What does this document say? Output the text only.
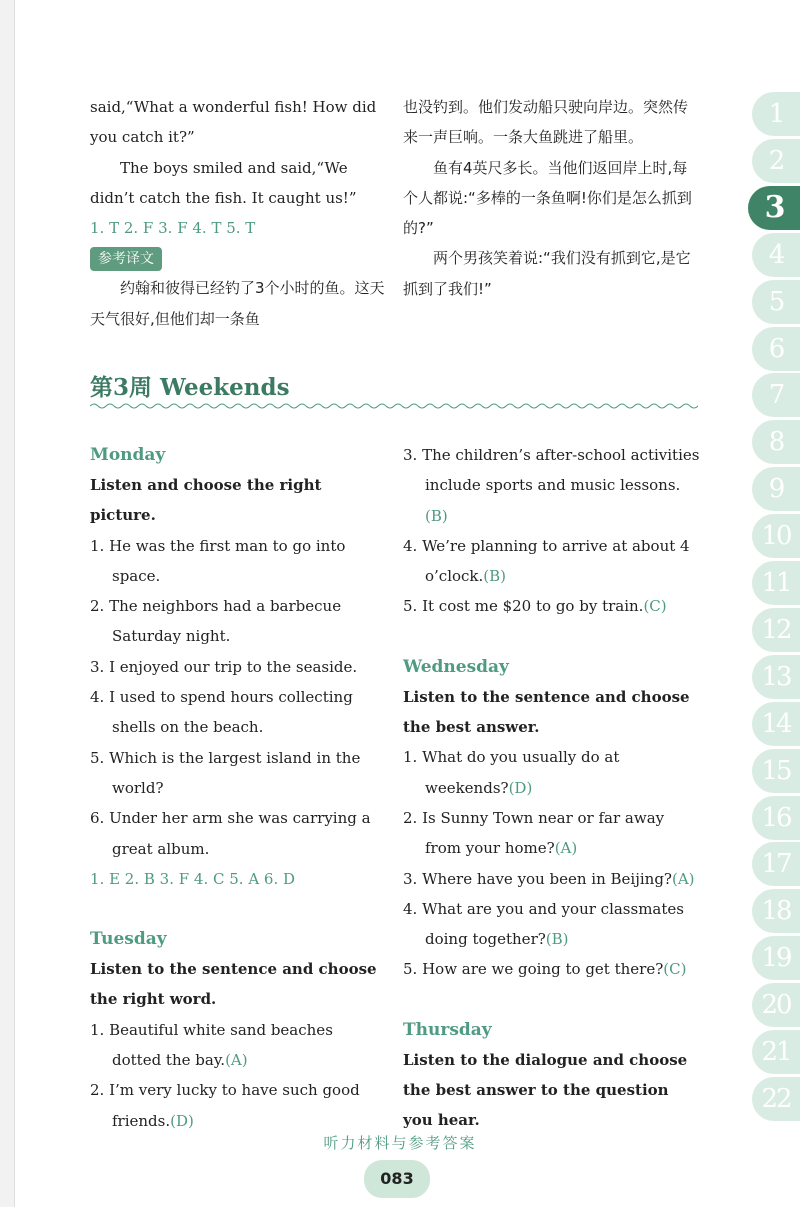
said,“What a wonderful fish! How did you catch it?”

The boys smiled and said,“We didn’t catch the fish. It caught us!”

1. T 2. F 3. F 4. T 5. T

参考译文

约翰和彼得已经钓了3个小时的鱼。这天天气很好,但他们却一条鱼

也没钓到。他们发动船只驶向岸边。突然传来一声巨响。一条大鱼跳进了船里。

鱼有4英尺多长。当他们返回岸上时,每个人都说:“多棒的一条鱼啊!你们是怎么抓到的?”

两个男孩笑着说:“我们没有抓到它,是它抓到了我们!”

第3周 Weekends

Monday

Listen and choose the right picture.

1. He was the first man to go into space.

2. The neighbors had a barbecue Saturday night.

3. I enjoyed our trip to the seaside.

4. I used to spend hours collecting shells on the beach.

5. Which is the largest island in the world?

6. Under her arm she was carrying a great album.

1. E 2. B 3. F 4. C 5. A 6. D

Tuesday

Listen to the sentence and choose the right word.

1. Beautiful white sand beaches dotted the bay.(A)

2. I’m very lucky to have such good friends.(D)

3. The children’s after-school activities include sports and music lessons.(B)

4. We’re planning to arrive at about 4 o’clock.(B)

5. It cost me $20 to go by train.(C)

Wednesday

Listen to the sentence and choose the best answer.

1. What do you usually do at weekends?(D)

2. Is Sunny Town near or far away from your home?(A)

3. Where have you been in Beijing?(A)

4. What are you and your classmates doing together?(B)

5. How are we going to get there?(C)

Thursday

Listen to the dialogue and choose the best answer to the question you hear.

1
2
3
4
5
6
7
8
9
10
11
12
13
14
15
16
17
18
19
20
21
22
听力材料与参考答案
083
